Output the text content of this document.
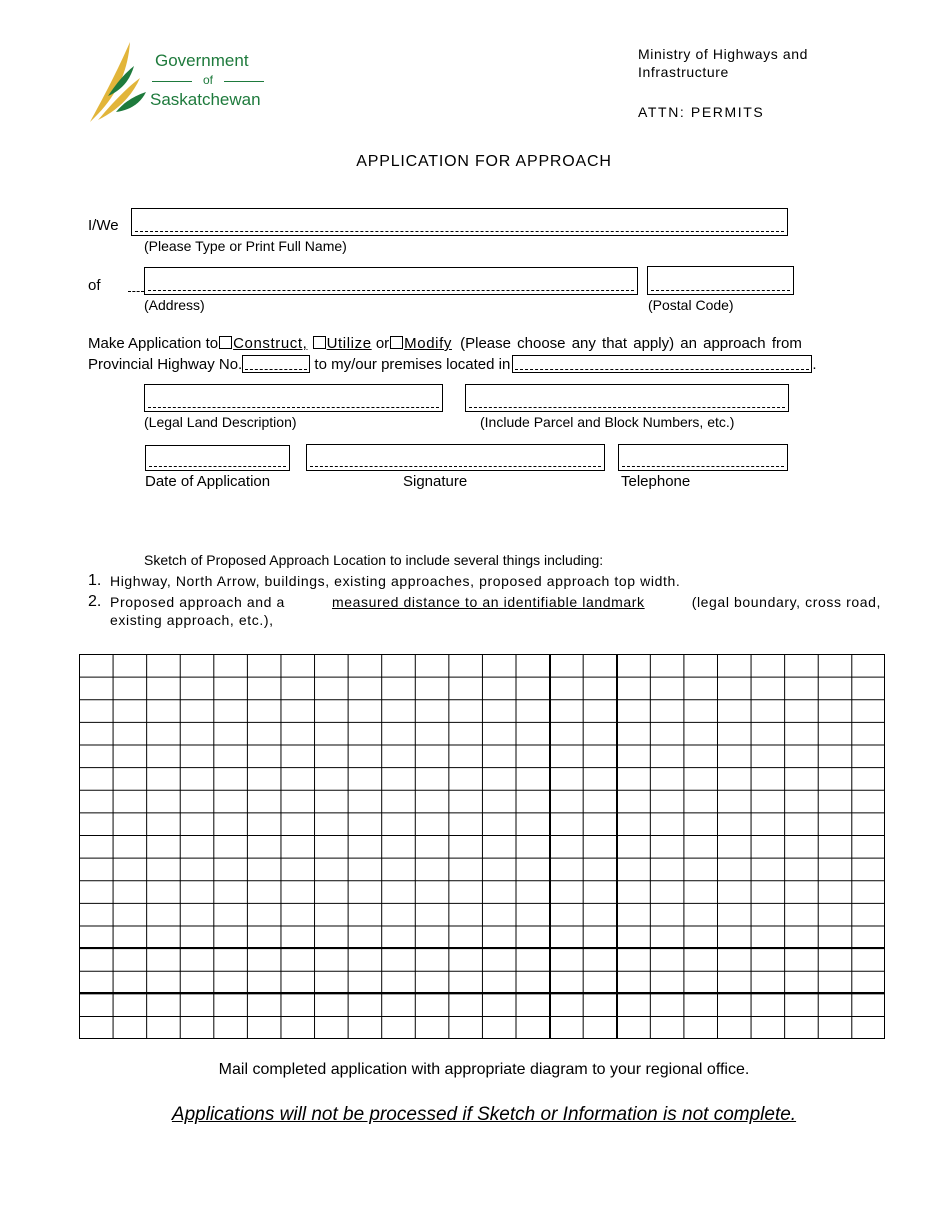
Government
of
Saskatchewan
Ministry of Highways and
Infrastructure
ATTN: PERMITS
APPLICATION FOR APPROACH
I/We
(Please Type or Print Full Name)
of
(Address)	(Postal Code)
Make Application to Construct, Utilize or Modify (Please choose any that apply) an approach from
Provincial Highway No.	to my/our premises located in	.
(Legal Land Description)	(Include Parcel and Block Numbers, etc.)
Date of Application	Signature	Telephone
Sketch of Proposed Approach Location to include several things including:
1. Highway, North Arrow, buildings, existing approaches, proposed approach top width.
2. Proposed approach and a	measured distance to an identifiable landmark	(legal boundary, cross road,
existing approach, etc.),
Mail completed application with appropriate diagram to your regional office.
Applications will not be processed if Sketch or Information is not complete.
